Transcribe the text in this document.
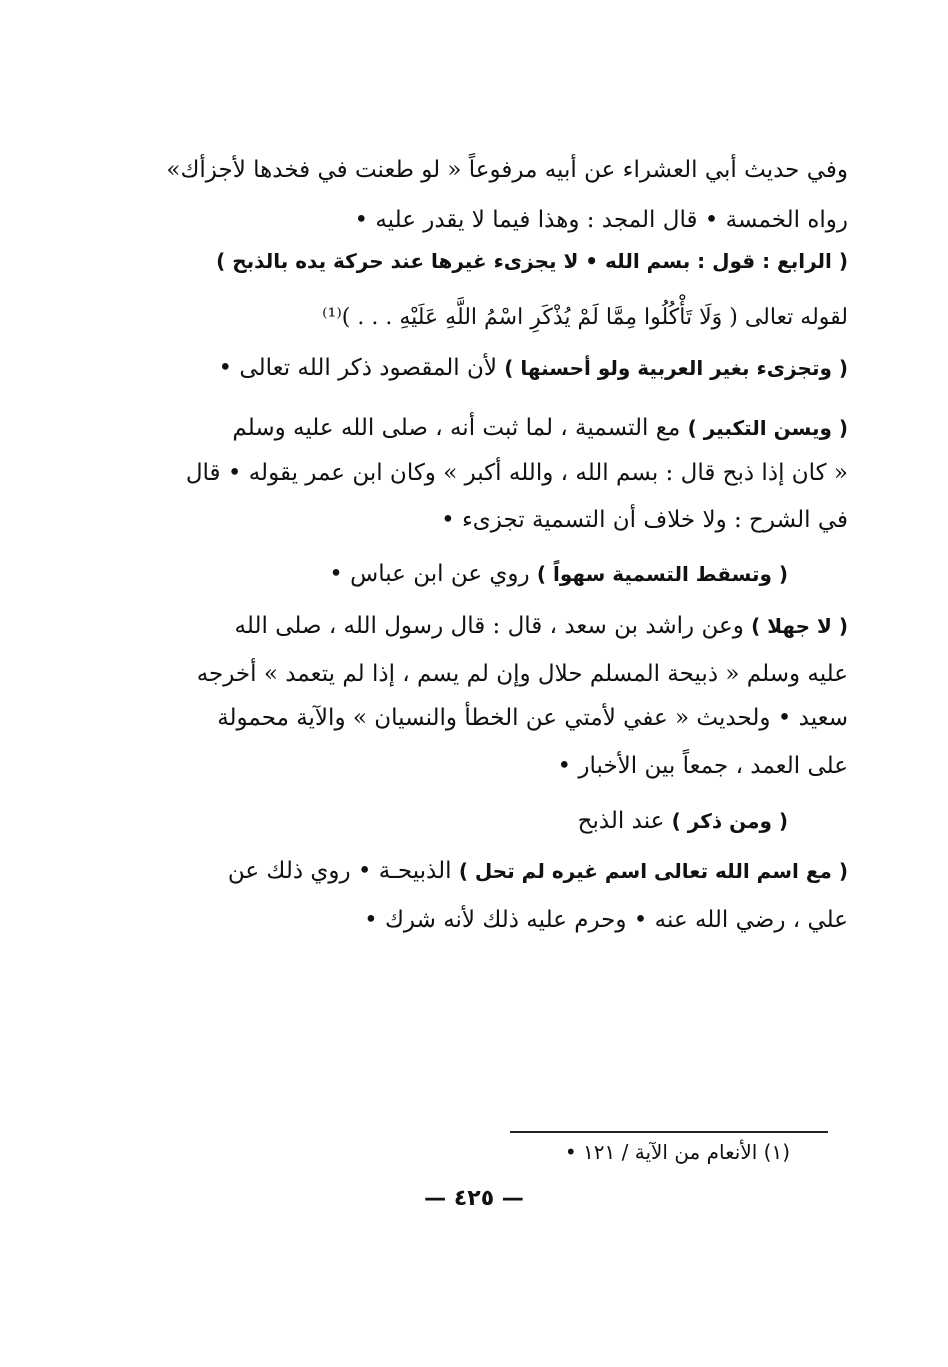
وفي حديث أبي العشراء عن أبيه مرفوعاً « لو طعنت في فخدها لأجزأك»
رواه الخمسة • قال المجد : وهذا فيما لا يقدر عليه •
( الرابع : قول : بسم الله • لا يجزىء غيرها عند حركة يده بالذبح )
لقوله تعالى ( وَلَا تَأْكُلُوا مِمَّا لَمْ يُذْكَرِ اسْمُ اللَّهِ عَلَيْهِ . . . )⁽¹⁾
( وتجزىء بغير العربية ولو أحسنها ) لأن المقصود ذكر الله تعالى •
( ويسن التكبير ) مع التسمية ، لما ثبت أنه ، صلى الله عليه وسلم
« كان إذا ذبح قال : بسم الله ، والله أكبر » وكان ابن عمر يقوله • قال
في الشرح : ولا خلاف أن التسمية تجزىء •
( وتسقط التسمية سهواً ) روي عن ابن عباس •
( لا جهلا ) وعن راشد بن سعد ، قال : قال رسول الله ، صلى الله
عليه وسلم « ذبيحة المسلم حلال وإن لم يسم ، إذا لم يتعمد » أخرجه
سعيد • ولحديث « عفي لأمتي عن الخطأ والنسيان » والآية محمولة
على العمد ، جمعاً بين الأخبار •
( ومن ذكر ) عند الذبح
( مع اسم الله تعالى اسم غيره لم تحل ) الذبيحـة • روي ذلك عن
علي ، رضي الله عنه • وحرم عليه ذلك لأنه شرك •
(١) الأنعام من الآية / ١٢١ •
— ٤٢٥ —
